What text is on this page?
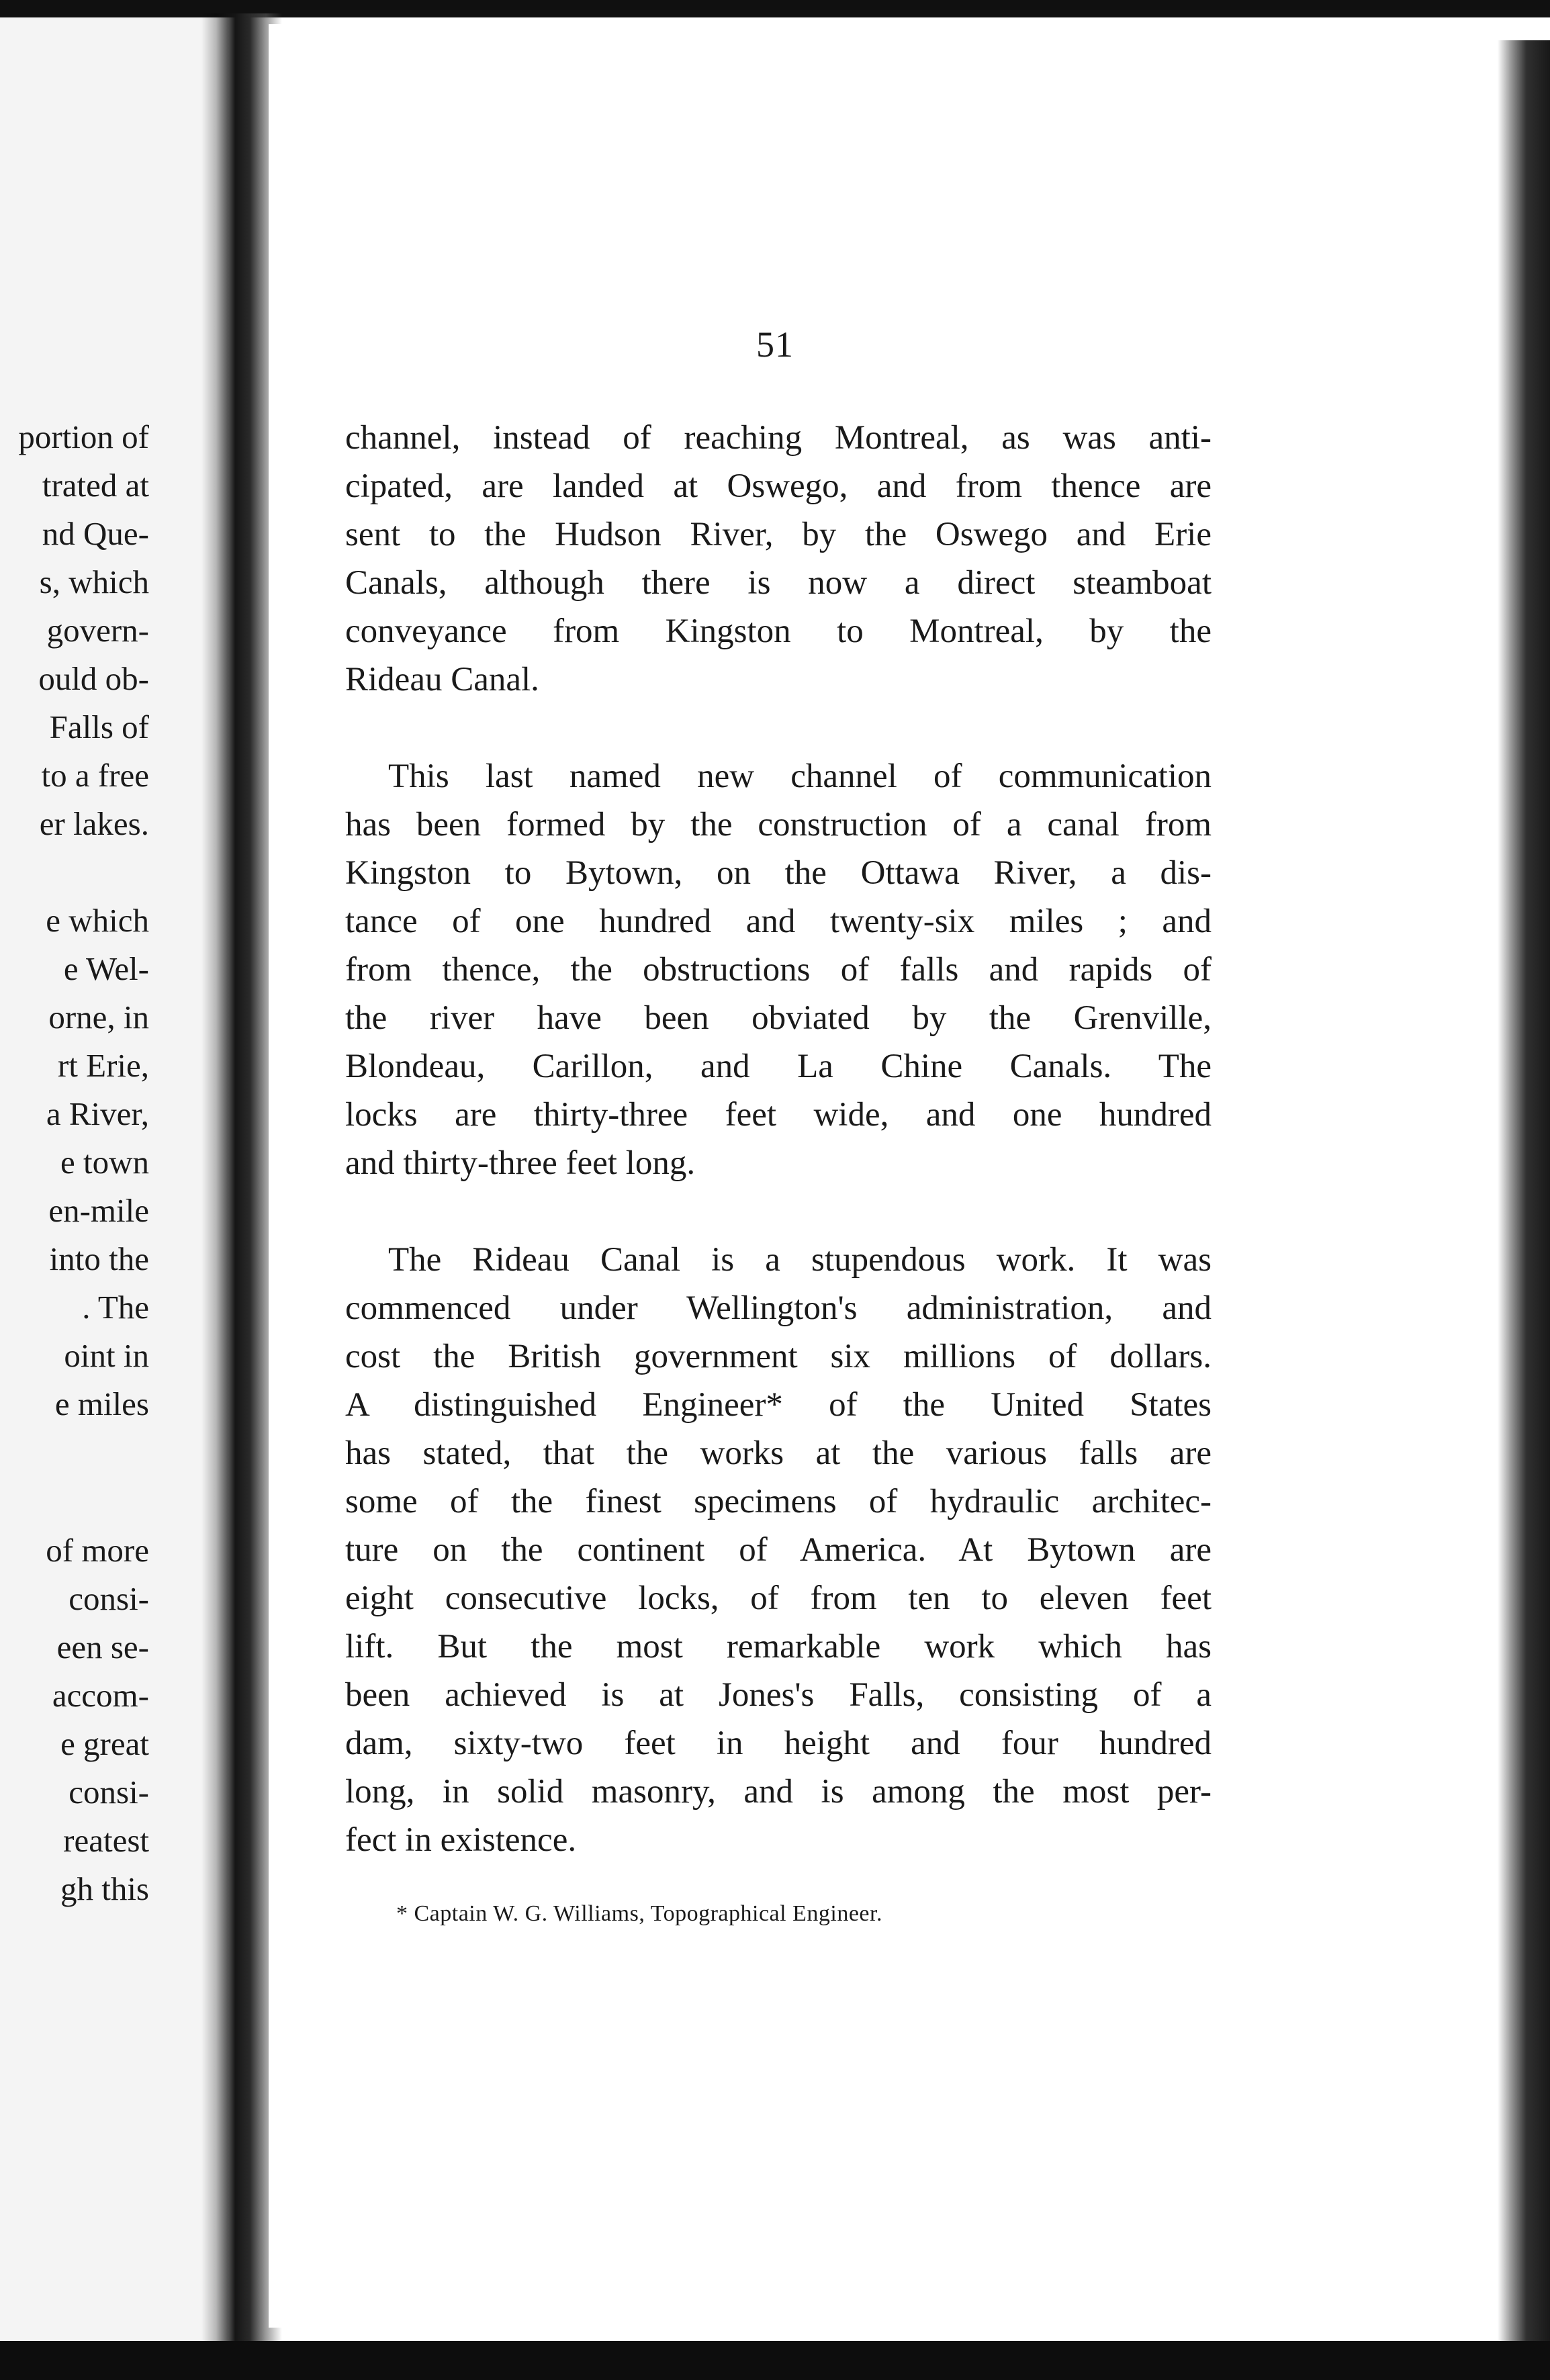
portion of
trated at
nd Que-
s, which
govern-
ould ob-
Falls of
to a free
er lakes.
e which
e Wel-
orne, in
rt Erie,
a River,
e town
en-mile
into the
. The
oint in
e miles
of more
consi-
een se-
accom-
e great
consi-
reatest
gh this
51
channel, instead of reaching Montreal, as was anti-
cipated, are landed at Oswego, and from thence are
sent to the Hudson River, by the Oswego and Erie
Canals, although there is now a direct steamboat
conveyance from Kingston to Montreal, by the
Rideau Canal.
This last named new channel of communication
has been formed by the construction of a canal from
Kingston to Bytown, on the Ottawa River, a dis-
tance of one hundred and twenty-six miles ; and
from thence, the obstructions of falls and rapids of
the river have been obviated by the Grenville,
Blondeau, Carillon, and La Chine Canals. The
locks are thirty-three feet wide, and one hundred
and thirty-three feet long.
The Rideau Canal is a stupendous work. It was
commenced under Wellington's administration, and
cost the British government six millions of dollars.
A distinguished Engineer* of the United States
has stated, that the works at the various falls are
some of the finest specimens of hydraulic architec-
ture on the continent of America. At Bytown are
eight consecutive locks, of from ten to eleven feet
lift. But the most remarkable work which has
been achieved is at Jones's Falls, consisting of a
dam, sixty-two feet in height and four hundred
long, in solid masonry, and is among the most per-
fect in existence.
* Captain W. G. Williams, Topographical Engineer.
